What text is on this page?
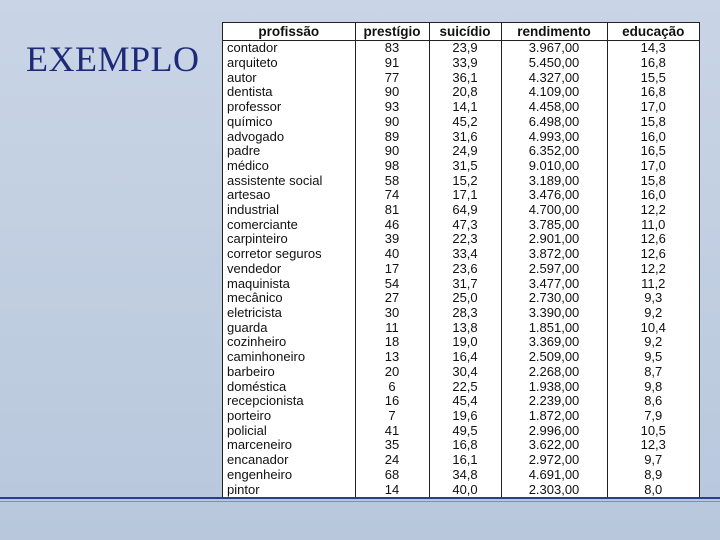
EXEMPLO
profissão	prestígio	suicídio	rendimento	educação
contador	83	23,9	3.967,00	14,3
arquiteto	91	33,9	5.450,00	16,8
autor	77	36,1	4.327,00	15,5
dentista	90	20,8	4.109,00	16,8
professor	93	14,1	4.458,00	17,0
químico	90	45,2	6.498,00	15,8
advogado	89	31,6	4.993,00	16,0
padre	90	24,9	6.352,00	16,5
médico	98	31,5	9.010,00	17,0
assistente social	58	15,2	3.189,00	15,8
artesao	74	17,1	3.476,00	16,0
industrial	81	64,9	4.700,00	12,2
comerciante	46	47,3	3.785,00	11,0
carpinteiro	39	22,3	2.901,00	12,6
corretor seguros	40	33,4	3.872,00	12,6
vendedor	17	23,6	2.597,00	12,2
maquinista	54	31,7	3.477,00	11,2
mecânico	27	25,0	2.730,00	9,3
eletricista	30	28,3	3.390,00	9,2
guarda	11	13,8	1.851,00	10,4
cozinheiro	18	19,0	3.369,00	9,2
caminhoneiro	13	16,4	2.509,00	9,5
barbeiro	20	30,4	2.268,00	8,7
doméstica	6	22,5	1.938,00	9,8
recepcionista	16	45,4	2.239,00	8,6
porteiro	7	19,6	1.872,00	7,9
policial	41	49,5	2.996,00	10,5
marceneiro	35	16,8	3.622,00	12,3
encanador	24	16,1	2.972,00	9,7
engenheiro	68	34,8	4.691,00	8,9
pintor	14	40,0	2.303,00	8,0
